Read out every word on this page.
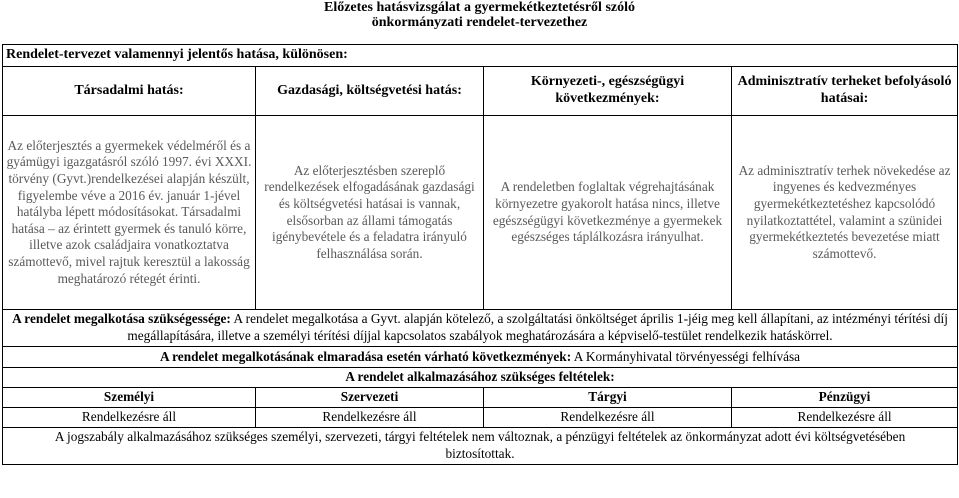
Előzetes hatásvizsgálat a gyermekétkeztetésről szóló
önkormányzati rendelet-tervezethez
Rendelet-tervezet valamennyi jelentős hatása, különösen:			
Társadalmi hatás:	Gazdasági, költségvetési hatás:	Környezeti-, egészségügyi következmények:	Adminisztratív terheket befolyásoló hatásai:
Az előterjesztés a gyermekek védelméről és a gyámügyi igazgatásról szóló 1997. évi XXXI. törvény (Gyvt.)rendelkezései alapján készült, figyelembe véve a 2016 év. január 1-jével hatályba lépett módosításokat. Társadalmi hatása – az érintett gyermek és tanuló körre, illetve azok családjaira vonatkoztatva számottevő, mivel rajtuk keresztül a lakosság meghatározó rétegét érinti.	Az előterjesztésben szereplő rendelkezések elfogadásának gazdasági és költségvetési hatásai is vannak, elsősorban az állami támogatás igénybevétele és a feladatra irányuló felhasználása során.	A rendeletben foglaltak végrehajtásának környezetre gyakorolt hatása nincs, illetve egészségügyi következménye a gyermekek egészséges táplálkozásra irányulhat.	Az adminisztratív terhek növekedése az ingyenes és kedvezményes gyermekétkeztetéshez kapcsolódó nyilatkoztattétel, valamint a szünidei gyermekétkeztetés bevezetése miatt számottevő.
A rendelet megalkotása szükségessége: A rendelet megalkotása a Gyvt. alapján kötelező, a szolgáltatási önköltséget április 1-jéig meg kell állapítani, az intézményi térítési díj megállapítására, illetve a személyi térítési díjjal kapcsolatos szabályok meghatározására a képviselő-testület rendelkezik hatáskörrel.			
A rendelet megalkotásának elmaradása esetén várható következmények: A Kormányhivatal törvényességi felhívása			
A rendelet alkalmazásához szükséges feltételek:			
Személyi	Szervezeti	Tárgyi	Pénzügyi
Rendelkezésre áll	Rendelkezésre áll	Rendelkezésre áll	Rendelkezésre áll
A jogszabály alkalmazásához szükséges személyi, szervezeti, tárgyi feltételek nem változnak, a pénzügyi feltételek az önkormányzat adott évi költségvetésében biztosítottak.			
